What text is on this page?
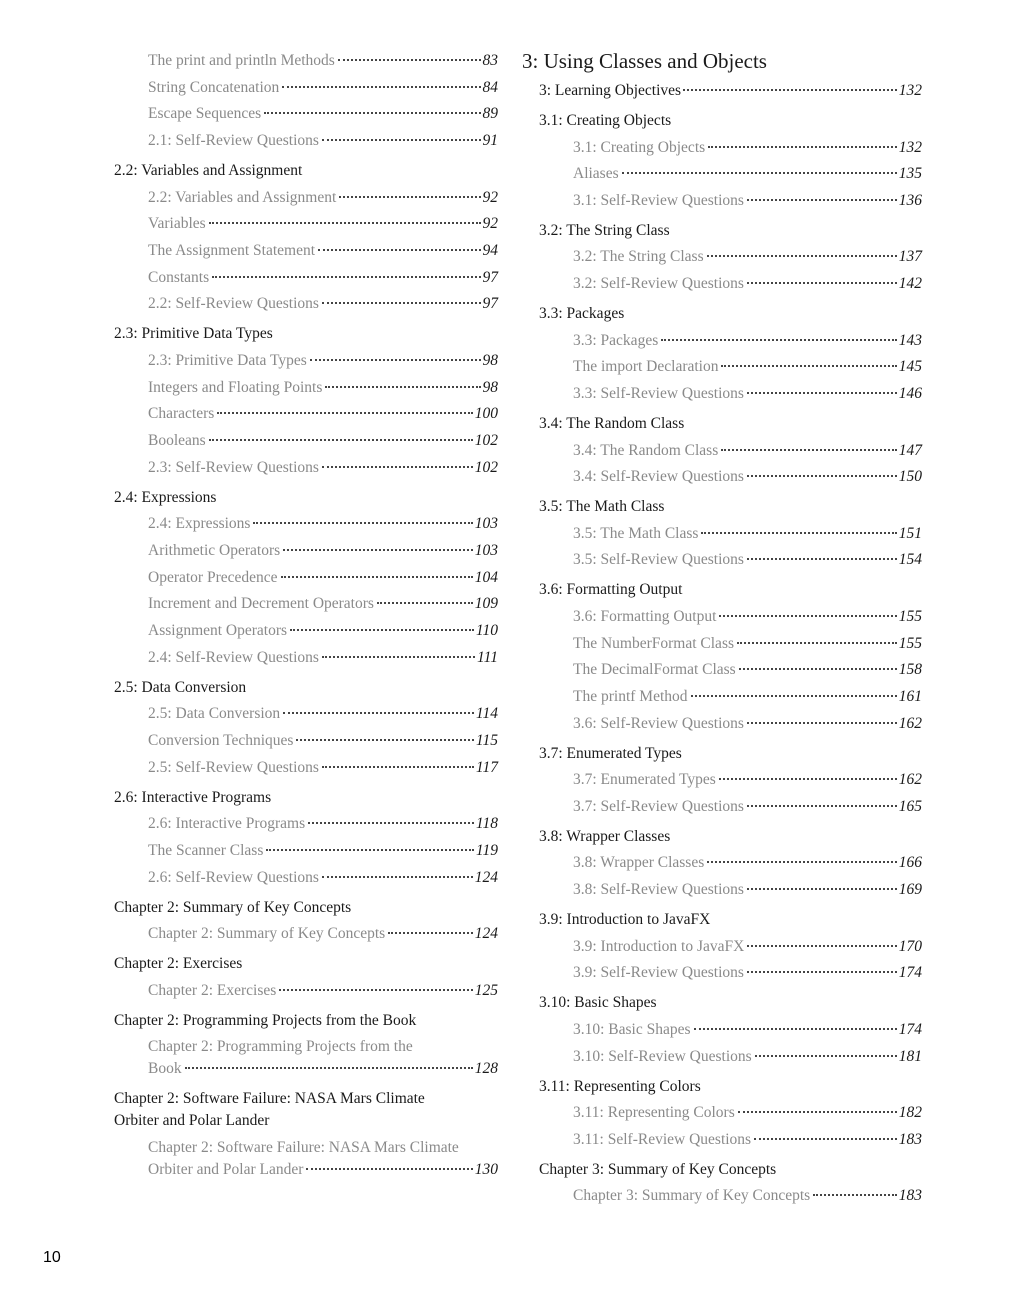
The print and println Methods	83
String Concatenation	84
Escape Sequences	89
2.1: Self-Review Questions	91
2.2: Variables and Assignment
2.2: Variables and Assignment	92
Variables	92
The Assignment Statement	94
Constants	97
2.2: Self-Review Questions	97
2.3: Primitive Data Types
2.3: Primitive Data Types	98
Integers and Floating Points	98
Characters	100
Booleans	102
2.3: Self-Review Questions	102
2.4: Expressions
2.4: Expressions	103
Arithmetic Operators	103
Operator Precedence	104
Increment and Decrement Operators	109
Assignment Operators	110
2.4: Self-Review Questions	111
2.5: Data Conversion
2.5: Data Conversion	114
Conversion Techniques	115
2.5: Self-Review Questions	117
2.6: Interactive Programs
2.6: Interactive Programs	118
The Scanner Class	119
2.6: Self-Review Questions	124
Chapter 2: Summary of Key Concepts
Chapter 2: Summary of Key Concepts	124
Chapter 2: Exercises
Chapter 2: Exercises	125
Chapter 2: Programming Projects from the Book
Chapter 2: Programming Projects from the
Book	128
Chapter 2: Software Failure: NASA Mars Climate
Orbiter and Polar Lander
Chapter 2: Software Failure: NASA Mars Climate
Orbiter and Polar Lander	130
3: Using Classes and Objects
3: Learning Objectives	132
3.1: Creating Objects
3.1: Creating Objects	132
Aliases	135
3.1: Self-Review Questions	136
3.2: The String Class
3.2: The String Class	137
3.2: Self-Review Questions	142
3.3: Packages
3.3: Packages	143
The import Declaration	145
3.3: Self-Review Questions	146
3.4: The Random Class
3.4: The Random Class	147
3.4: Self-Review Questions	150
3.5: The Math Class
3.5: The Math Class	151
3.5: Self-Review Questions	154
3.6: Formatting Output
3.6: Formatting Output	155
The NumberFormat Class	155
The DecimalFormat Class	158
The printf Method	161
3.6: Self-Review Questions	162
3.7: Enumerated Types
3.7: Enumerated Types	162
3.7: Self-Review Questions	165
3.8: Wrapper Classes
3.8: Wrapper Classes	166
3.8: Self-Review Questions	169
3.9: Introduction to JavaFX
3.9: Introduction to JavaFX	170
3.9: Self-Review Questions	174
3.10: Basic Shapes
3.10: Basic Shapes	174
3.10: Self-Review Questions	181
3.11: Representing Colors
3.11: Representing Colors	182
3.11: Self-Review Questions	183
Chapter 3: Summary of Key Concepts
Chapter 3: Summary of Key Concepts	183
10
